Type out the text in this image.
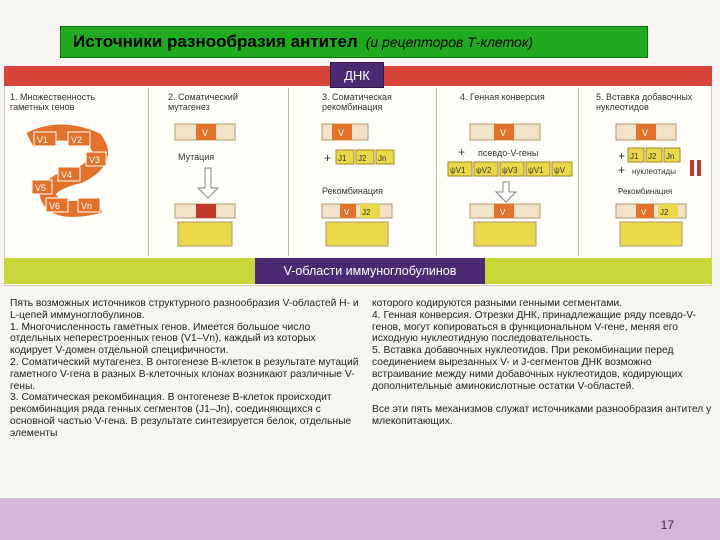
Источники разнообразия антител (и рецепторов Т-клеток)
ДНК
1. Множественность гаметных генов
2. Соматический мутагенез
3. Соматическая рекомбинация
4. Генная конверсия	5. Вставка добавочных нуклеотидов
V1	V2
V3
V4
V5
V6 Vn
V
Мутация
V
+ J1 J2 Jn
Рекомбинация
V J2
V
+ псевдо-V-гены
ψV1 ψV2 ψV3 ψV1 ψV
V
V
+ J1 J2 Jn
+ нуклеотиды
Рекомбинация
V J2
V-области иммуноглобулинов
Пять возможных источников структурного разнообразия V-областей Н- и L-цепей иммуноглобулинов.
1. Многочисленность гаметных генов. Имеется большое число отдельных непереcтроенных генов (V1–Vn), каждый из которых кодирует V-домен отдельной специфичности.
2. Соматический мутагенез. В онтогенезе В-клеток в результате мутаций гаметного V-гена в разных В-клеточных клонах возникают различные V-гены.
3. Соматическая рекомбинация. В онтогенезе В-клеток происходит рекомбинация ряда генных сегментов (J1–Jn), соединяющихся с основной частью V-гена. В результате синтезируется белок, отдельные элементы
которого кодируются разными генными сегментами.
4. Генная конверсия. Отрезки ДНК, принадлежащие ряду псевдо-V-генов, могут копироваться в функциональном V-гене, меняя его исходную нуклеотидную последовательность.
5. Вставка добавочных нуклеотидов. При рекомбинации перед соединением вырезанных V- и J-сегментов ДНК возможно встраивание между ними добавочных нуклеотидов, кодирующих дополнительные аминокислотные остатки V-областей.

Все эти пять механизмов служат источниками разнообразия антител у млекопитающих.
17
